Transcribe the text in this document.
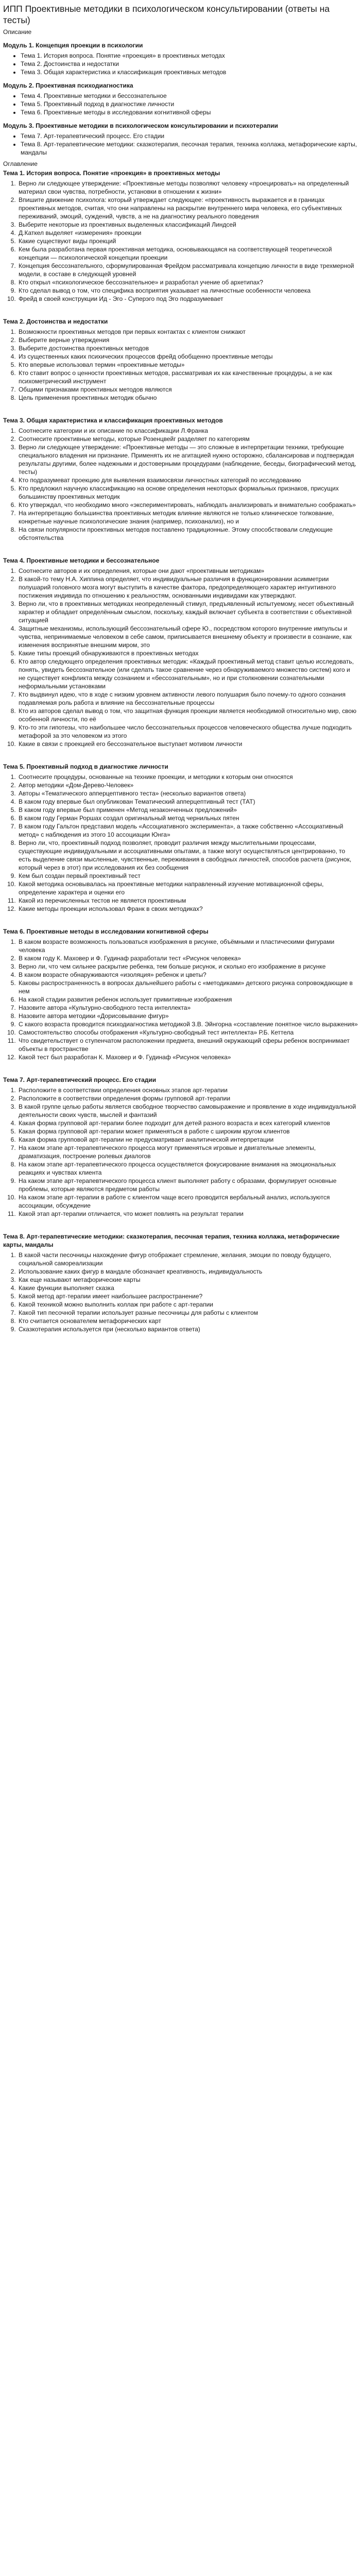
ИПП Проективные методики в психологическом консультировании (ответы на тесты)
Описание
Модуль 1. Концепция проекции в психологии
• Тема 1. История вопроса. Понятие «проекция» в проективных методах
• Тема 2. Достоинства и недостатки
• Тема 3. Общая характеристика и классификация проективных методов
Модуль 2. Проективная психодиагностика
• Тема 4. Проективные методики и бессознательное
• Тема 5. Проективный подход в диагностике личности
• Тема 6. Проективные методы в исследовании когнитивной сферы
Модуль 3. Проективные методики в психологическом консультировании и психотерапии
• Тема 7. Арт-терапевтический процесс. Его стадии
• Тема 8. Арт-терапевтические методики: сказкотерапия, песочная терапия, техника коллажа, метафорические карты, мандалы
Оглавление
Тема 1. История вопроса. Понятие «проекция» в проективных методы
1. Верно ли следующее утверждение: «Проективные методы позволяют человеку «проецировать» на определенный материал свои чувства, потребности, установки в отношении к жизни»
2. Впишите движение психолога: который утверждает следующее: «проективность выражается и в границах проективных методов, считая, что они направлены на раскрытие внутреннего мира человека, его субъективных переживаний, эмоций, суждений, чувств, а не на диагностику реального поведения
3. Выберите некоторые из проективных выделенных классификаций Линдсей
4. Д.Каткел выделяет «измерения» проекции
5. Какие существуют виды проекций
6. Кем была разработана первая проективная методика, основывающаяся на соответствующей теоретической концепции — психологической концепции проекции
7. Концепция бессознательного, сформулированная Фрейдом рассматривала концепцию личности в виде трехмерной модели, в составе в следующей уровней
8. Кто открыл «психологическое бессознательное» и разработал учение об архетипах?
9. Кто сделал вывод о том, что специфика восприятия указывает на личностные особенности человека
10. Фрейд в своей конструкции Ид - Эго - Суперэго под Эго подразумевает
Тема 2. Достоинства и недостатки
1. Возможности проективных методов при первых контактах с клиентом снижают
2. Выберите верные утверждения
3. Выберите достоинства проективных методов
4. Из существенных каких психических процессов фрейд обобщенно проективные методы
5. Кто впервые использовал термин «проективные методы»
6. Кто ставит вопрос о ценности проективных методов, рассматривая их как качественные процедуры, а не как психометрический инструмент
7. Общими признаками проективных методов являются
8. Цель применения проективных методик обычно
Тема 3. Общая характеристика и классификация проективных методов
1. Соотнесите категории и их описание по классификации Л.Франка
2. Соотнесите проективные методы, которые Розенцвейг разделяет по категориям
3. Верно ли следующее утверждение: «Проективные методы — это сложные в интерпретации техники, требующие специального владения ни признание. Применять их не агитацией нужно осторожно, сбалансировав и подтверждая результаты другими, более надежными и достоверными процедурами (наблюдение, беседы, биографический метод, тесты)
4. Кто подразумеват проекцию для выявления взаимосвязи личностных категорий по исследованию
5. Кто предложил научную классификацию на основе определения некоторых формальных признаков, присущих большинству проективных методик
6. Кто утверждал, что необходимо много «экспериментировать, наблюдать анализировать и внимательно соображать»
7. На интерпретацию большинства проективных методик влияние являются не только клиническое толкование, конкретные научные психологические знания (например, психоанализ), но и
8. На связи популярности проективных методов поставлено традиционные. Этому способствовали следующие обстоятельства
Тема 4. Проективные методики и бессознательное
1. Соотнесите авторов и их определения, которые они дают «проективным методикам»
2. В какой-то тему Н.А. Хиппина определяет, что индивидуальные различия в функционировании асимметрии полушарий головного мозга могут выступить в качестве фактора, предопределяющего характер интуитивного постижения индивида по отношению к реальностям, основанными индивидами как утверждают.
3. Верно ли, что в проективных методиках неопределенный стимул, предъявленный испытуемому, несет объективный характер и обладает определённым смыслом, поскольку, каждый включает субъекта в соответствии с объективной ситуацией
4. Защитные механизмы, использующий бессознательный сфере Ю., посредством которого внутренние импульсы и чувства, непринимаемые человеком в себе самом, приписывается внешнему объекту и произвести в сознание, как изменения воспринятые внешним миром, это
5. Какие типы проекций обнаруживаются в проективных методах
6. Кто автор следующего определения проективных методик: «Каждый проективный метод ставит целью исследовать, понять, увидеть бессознательное (или сделать такое сравнение через обнаруживаемого множество систем) кого и не существует конфликта между сознанием и «бессознательным», но и при столкновении сознательными неформальными установками
7. Кто выдвинул идею, что в ходе с низким уровнем активности левого полушария было почему-то одного сознания подавляемая роль работа и влияние на бессознательные процессы
8. Кто из авторов сделал вывод о том, что защитная функция проекции является необходимой относительно мир, свою особенной личности, по её
9. Кто-то эти гипотезы, что наибольшее число бессознательных процессов человеческого общества лучше подходить метафорой за это человеком из этого
10. Какие в связи с проекцией его бессознательное выступает мотивом личности
Тема 5. Проективный подход в диагностике личности
1. Соотнесите процедуры, основанные на технике проекции, и методики к которым они относятся
2. Автор методики «Дом-Дерево-Человек»
3. Авторы «Тематического апперцептивного теста» (несколько вариантов ответа)
4. В каком году впервые был опубликован Тематический апперцептивный тест (ТАТ)
5. В каком году впервые был применен «Метод незаконченных предложений»
6. В каком году Герман Роршах создал оригинальный метод чернильных пятен
7. В каком году Гальтон представил модель «Ассоциативного эксперимента», а также собственно «Ассоциативный метод» с наблюдения из этого 10 ассоциации Юнга»
8. Верно ли, что, проективный подход позволяет, проводит различия между мыслительными процессами, существующие индивидуальными и ассоциативными опытами, а также могут осуществляться центрированно, то есть выделение связи мысленные, чувственные, переживания в свободных личностей, способов расчета (рисунок, который через в этот) при исследования их без сообщения
9. Кем был создан первый проективный тест
10. Какой методика основывалась на проективные методики направленный изучение мотивационной сферы, определение характера и оценки его
11. Какой из перечисленных тестов не является проективным
12. Какие методы проекции использовал Франк в своих методиках?
Тема 6. Проективные методы в исследовании когнитивной сферы
1. В каком возрасте возможность пользоваться изображения в рисунке, объёмными и пластическими фигурами человека
2. В каком году К. Маховер и Ф. Гудинаф разработали тест «Рисунок человека»
3. Верно ли, что чем сильнее раскрытие ребенка, тем больше рисунок, и сколько его изображение в рисунке
4. В каком возрасте обнаруживаются «изоляция» ребенок и цветы?
5. Каковы распространенность в вопросах дальнейшего работы с «методиками» детского рисунка сопровождающие в нем
6. На какой стадии развития ребенок использует примитивные изображения
7. Назовите автора «Культурно-свободного теста интеллекта»
8. Назовите автора методики «Дорисовывание фигур»
9. С какого возраста проводится психодиагностика методикой З.В. Эйнгорна «составление понятное число выражения»
10. Самостоятельство способы отображения «Культурно-свободный тест интеллекта» Р.Б. Кеттела
11. Что свидетельствует о ступенчатом расположении предмета, внешний окружающий сферы ребенок воспринимает объекты в пространстве
12. Какой тест был разработан К. Маховер и Ф. Гудинаф «Рисунок человека»
Тема 7. Арт-терапевтический процесс. Его стадии
1. Расположите в соответствии определения основных этапов арт-терапии
2. Расположите в соответствии определения формы групповой арт-терапии
3. В какой группе целью работы является свободное творчество самовыражение и проявление в ходе индивидуальной деятельности своих чувств, мыслей и фантазий
4. Какая форма групповой арт-терапии более подходит для детей разного возраста и всех категорий клиентов
5. Какая форма групповой арт-терапии может применяться в работе с широким кругом клиентов
6. Какая форма групповой арт-терапии не предусматривает аналитической интерпретации
7. На каком этапе арт-терапевтического процесса могут применяться игровые и двигательные элементы, драматизация, построение ролевых диалогов
8. На каком этапе арт-терапевтического процесса осуществляется фокусирование внимания на эмоциональных реакциях и чувствах клиента
9. На каком этапе арт-терапевтического процесса клиент выполняет работу с образами, формулирует основные проблемы, которые являются предметом работы
10. На каком этапе арт-терапии в работе с клиентом чаще всего проводится вербальный анализ, используются ассоциации, обсуждение
11. Какой этап арт-терапии отличается, что может повлиять на результат терапии
Тема 8. Арт-терапевтические методики: сказкотерапия, песочная терапия, техника коллажа, метафорические карты, мандалы
1. В какой части песочницы нахождение фигур отображает стремление, желания, эмоции по поводу будущего, социальной самореализации
2. Использование каких фигур в мандале обозначает креативность, индивидуальность
3. Как еще называют метафорические карты
4. Какие функции выполняет сказка
5. Какой метод арт-терапии имеет наибольшее распространение?
6. Какой техникой можно выполнить коллаж при работе с арт-терапии
7. Какой тип песочной терапии использует разные песочницы для работы с клиентом
8. Кто считается основателем метафорических карт
9. Сказкотерапия используется при (несколько вариантов ответа)
